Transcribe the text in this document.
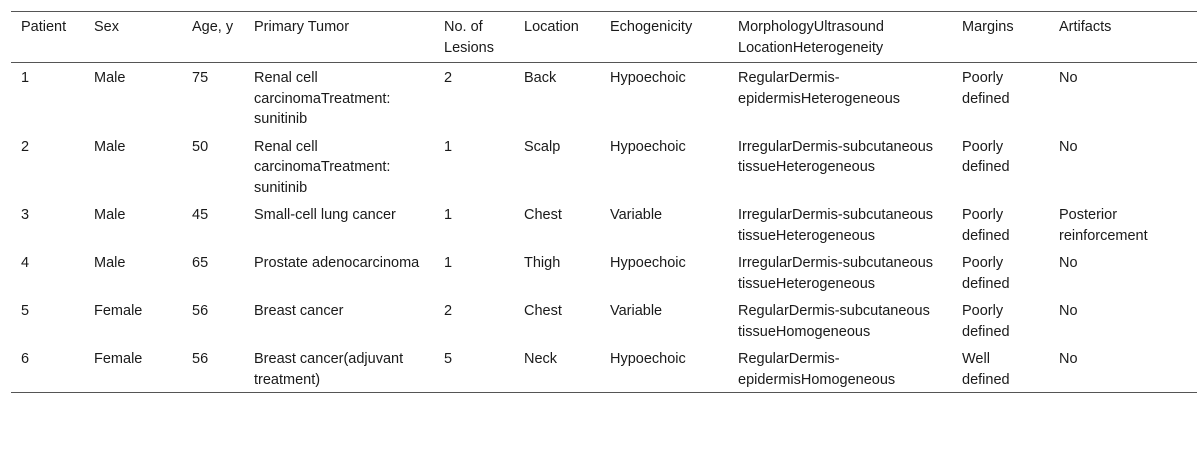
Patient	Sex	Age, y	Primary Tumor	No. of Lesions	Location	Echogenicity	MorphologyUltrasound LocationHeterogeneity	Margins	Artifacts
1	Male	75	Renal cell carcinomaTreatment: sunitinib	2	Back	Hypoechoic	RegularDermis-epidermisHeterogeneous	Poorly defined	No
2	Male	50	Renal cell carcinomaTreatment: sunitinib	1	Scalp	Hypoechoic	IrregularDermis-subcutaneous tissueHeterogeneous	Poorly defined	No
3	Male	45	Small-cell lung cancer	1	Chest	Variable	IrregularDermis-subcutaneous tissueHeterogeneous	Poorly defined	Posterior reinforcement
4	Male	65	Prostate adenocarcinoma	1	Thigh	Hypoechoic	IrregularDermis-subcutaneous tissueHeterogeneous	Poorly defined	No
5	Female	56	Breast cancer	2	Chest	Variable	RegularDermis-subcutaneous tissueHomogeneous	Poorly defined	No
6	Female	56	Breast cancer(adjuvant treatment)	5	Neck	Hypoechoic	RegularDermis-epidermisHomogeneous	Well defined	No
